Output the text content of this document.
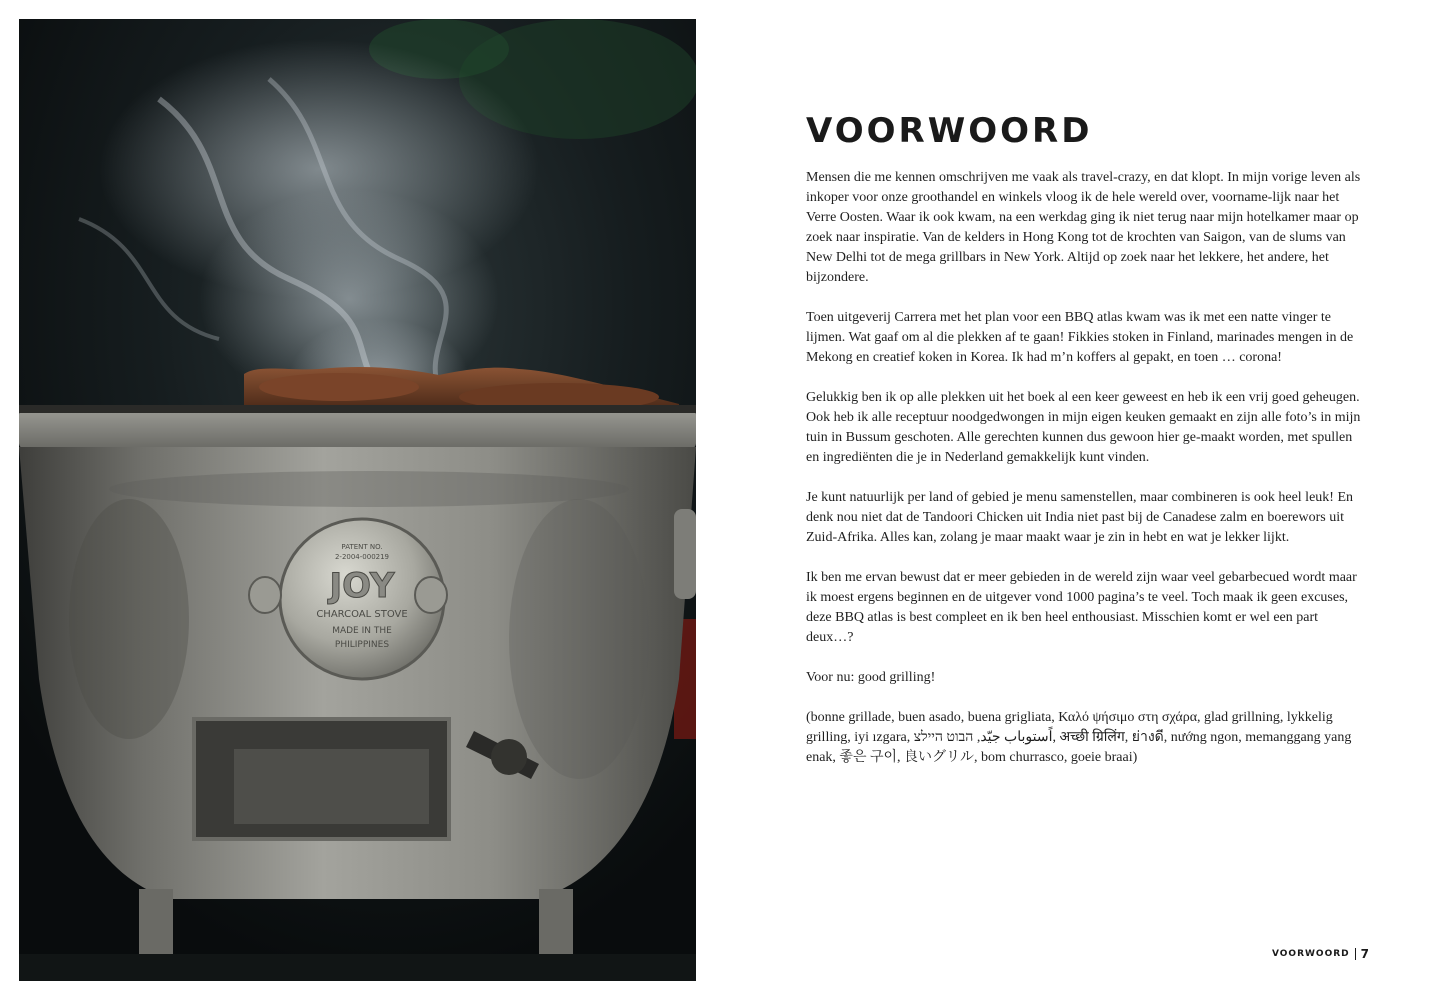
PATENT NO.
2-2004-000219
JOY
CHARCOAL STOVE
MADE IN THE
PHILIPPINES
VOORWOORD

Mensen die me kennen omschrijven me vaak als travel-crazy, en dat klopt. In mijn vorige leven als inkoper voor onze groothandel en winkels vloog ik de hele wereld over, voorname-lijk naar het Verre Oosten. Waar ik ook kwam, na een werkdag ging ik niet terug naar mijn hotelkamer maar op zoek naar inspiratie. Van de kelders in Hong Kong tot de krochten van Saigon, van de slums van New Delhi tot de mega grillbars in New York. Altijd op zoek naar het lekkere, het andere, het bijzondere.

Toen uitgeverij Carrera met het plan voor een BBQ atlas kwam was ik met een natte vinger te lijmen. Wat gaaf om al die plekken af te gaan! Fikkies stoken in Finland, marinades mengen in de Mekong en creatief koken in Korea. Ik had m’n koffers al gepakt, en toen … corona!

Gelukkig ben ik op alle plekken uit het boek al een keer geweest en heb ik een vrij goed geheugen. Ook heb ik alle receptuur noodgedwongen in mijn eigen keuken gemaakt en zijn alle foto’s in mijn tuin in Bussum geschoten. Alle gerechten kunnen dus gewoon hier ge-maakt worden, met spullen en ingrediënten die je in Nederland gemakkelijk kunt vinden.

Je kunt natuurlijk per land of gebied je menu samenstellen, maar combineren is ook heel leuk! En denk nou niet dat de Tandoori Chicken uit India niet past bij de Canadese zalm en boerewors uit Zuid-Afrika. Alles kan, zolang je maar maakt waar je zin in hebt en wat je lekker lijkt.

Ik ben me ervan bewust dat er meer gebieden in de wereld zijn waar veel gebarbecued wordt maar ik moest ergens beginnen en de uitgever vond 1000 pagina’s te veel. Toch maak ik geen excuses, deze BBQ atlas is best compleet en ik ben heel enthousiast. Misschien komt er wel een part deux…?

Voor nu: good grilling!

(bonne grillade, buen asado, buena grigliata, Καλό ψήσιμο στη σχάρα, glad grillning, lykkelig grilling, iyi ızgara, اًستوباب جيّد, הבוט היילצ, अच्छी ग्रिलिंग, ย่างดี, nướng ngon, memanggang yang enak, 좋은 구이, 良いグリル, bom churrasco, goeie braai)

VOORWOORD 7
